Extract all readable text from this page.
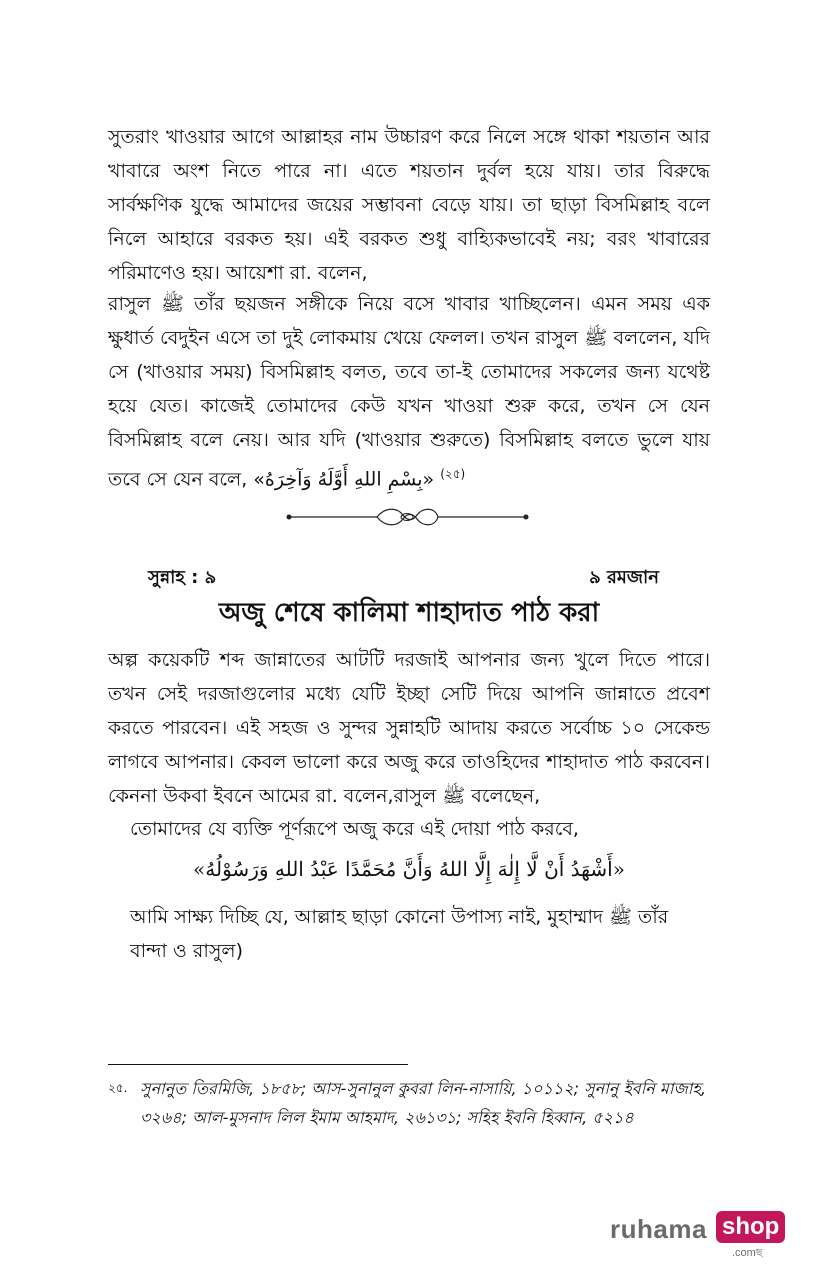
সুতরাং খাওয়ার আগে আল্লাহর নাম উচ্চারণ করে নিলে সঙ্গে থাকা শয়তান আর খাবারে অংশ নিতে পারে না। এতে শয়তান দুর্বল হয়ে যায়। তার বিরুদ্ধে সার্বক্ষণিক যুদ্ধে আমাদের জয়ের সম্ভাবনা বেড়ে যায়। তা ছাড়া বিসমিল্লাহ বলে নিলে আহারে বরকত হয়। এই বরকত শুধু বাহ্যিকভাবেই নয়; বরং খাবারের পরিমাণেও হয়। আয়েশা রা. বলেন,

রাসুল ﷺ তাঁর ছয়জন সঙ্গীকে নিয়ে বসে খাবার খাচ্ছিলেন। এমন সময় এক ক্ষুধার্ত বেদুইন এসে তা দুই লোকমায় খেয়ে ফেলল। তখন রাসুল ﷺ বললেন, যদি সে (খাওয়ার সময়) বিসমিল্লাহ বলত, তবে তা-ই তোমাদের সকলের জন্য যথেষ্ট হয়ে যেত। কাজেই তোমাদের কেউ যখন খাওয়া শুরু করে, তখন সে যেন বিসমিল্লাহ বলে নেয়। আর যদি (খাওয়ার শুরুতে) বিসমিল্লাহ বলতে ভুলে যায় তবে সে যেন বলে, «بِسْمِ اللهِ أَوَّلَهُ وَآخِرَهُ» $^{(২৫)}$

সুন্নাহ : ৯	৯ রমজান
অজু শেষে কালিমা শাহাদাত পাঠ করা

অল্প কয়েকটি শব্দ জান্নাতের আটটি দরজাই আপনার জন্য খুলে দিতে পারে। তখন সেই দরজাগুলোর মধ্যে যেটি ইচ্ছা সেটি দিয়ে আপনি জান্নাতে প্রবেশ করতে পারবেন। এই সহজ ও সুন্দর সুন্নাহটি আদায় করতে সর্বোচ্চ ১০ সেকেন্ড লাগবে আপনার। কেবল ভালো করে অজু করে তাওহিদের শাহাদাত পাঠ করবেন। কেননা উকবা ইবনে আমের রা. বলেন,রাসুল ﷺ বলেছেন,

তোমাদের যে ব্যক্তি পূর্ণরূপে অজু করে এই দোয়া পাঠ করবে,

«أَشْهَدُ أَنْ لَّا إِلٰهَ إِلَّا اللهُ وَأَنَّ مُحَمَّدًا عَبْدُ اللهِ وَرَسُوْلُهُ»

আমি সাক্ষ্য দিচ্ছি যে, আল্লাহ ছাড়া কোনো উপাস্য নাই, মুহাম্মাদ ﷺ তাঁর বান্দা ও রাসুল)

২৫. সুনানুত তিরমিজি, ১৮৫৮; আস-সুনানুল কুবরা লিন-নাসায়ি, ১০১১২; সুনানু ইবনি মাজাহ, ৩২৬৪; আল-মুসনাদ লিল ইমাম আহমাদ, ২৬১৩১; সহিহ ইবনি হিব্বান, ৫২১৪
ruhama shop
.comছ
